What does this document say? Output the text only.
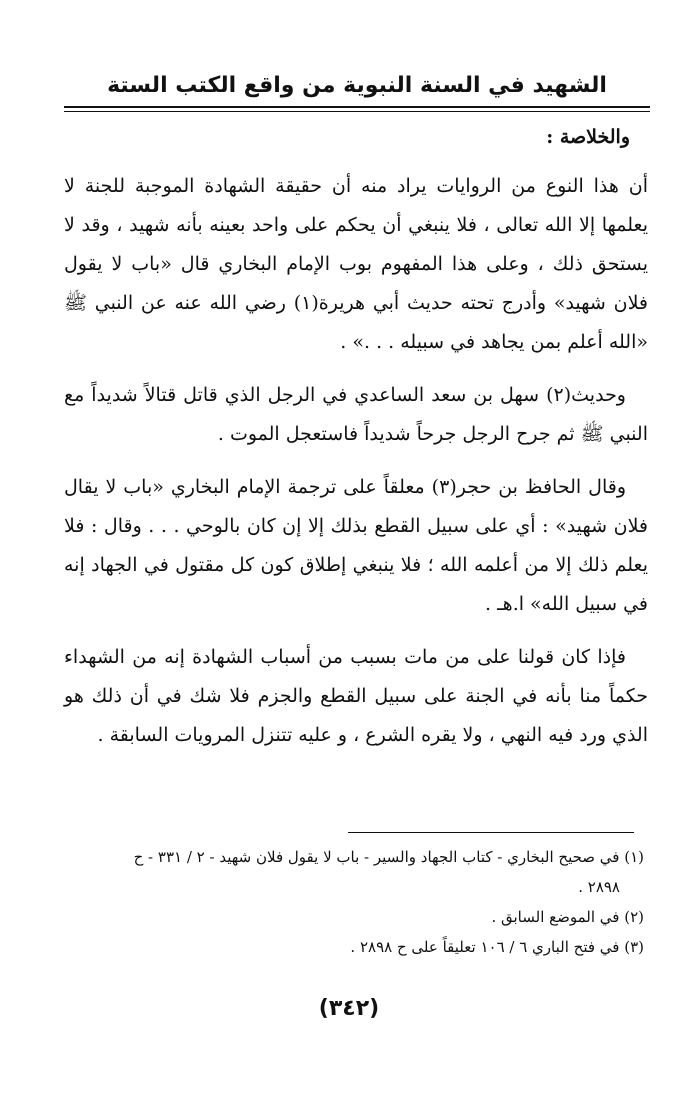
الشهيد في السنة النبوية من واقع الكتب الستة
والخلاصة :

أن هذا النوع من الروايات يراد منه أن حقيقة الشهادة الموجبة للجنة لا يعلمها إلا الله تعالى ، فلا ينبغي أن يحكم على واحد بعينه بأنه شهيد ، وقد لا يستحق ذلك ، وعلى هذا المفهوم بوب الإمام البخاري قال «باب لا يقول فلان شهيد» وأدرج تحته حديث أبي هريرة(١) رضي الله عنه عن النبي ﷺ «الله أعلم بمن يجاهد في سبيله . . .» .

وحديث(٢) سهل بن سعد الساعدي في الرجل الذي قاتل قتالاً شديداً مع النبي ﷺ ثم جرح الرجل جرحاً شديداً فاستعجل الموت .

وقال الحافظ بن حجر(٣) معلقاً على ترجمة الإمام البخاري «باب لا يقال فلان شهيد» : أي على سبيل القطع بذلك إلا إن كان بالوحي . . . وقال : فلا يعلم ذلك إلا من أعلمه الله ؛ فلا ينبغي إطلاق كون كل مقتول في الجهاد إنه في سبيل الله» ا.هـ .

فإذا كان قولنا على من مات بسبب من أسباب الشهادة إنه من الشهداء حكماً منا بأنه في الجنة على سبيل القطع والجزم فلا شك في أن ذلك هو الذي ورد فيه النهي ، ولا يقره الشرع ، و عليه تتنزل المرويات السابقة .

(١) في صحيح البخاري - كتاب الجهاد والسير - باب لا يقول فلان شهيد - ٢ / ٣٣١ - ح

٢٨٩٨ .

(٢) في الموضع السابق .

(٣) في فتح الباري ٦ / ١٠٦ تعليقاً على ح ٢٨٩٨ .

(٣٤٢)
